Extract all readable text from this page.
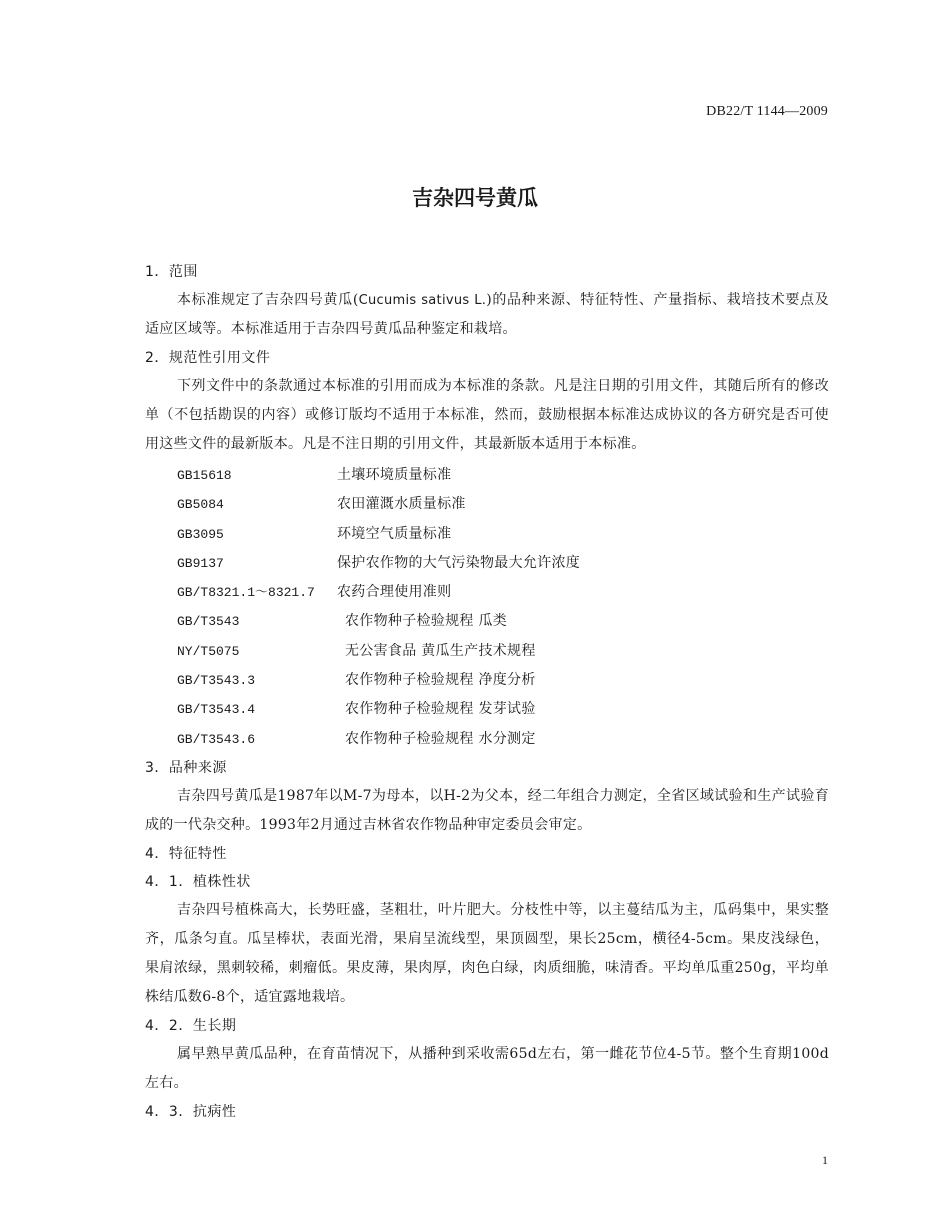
DB22/T 1144—2009
吉杂四号黄瓜
1．范围

本标准规定了吉杂四号黄瓜(Cucumis sativus L.)的品种来源、特征特性、产量指标、栽培技术要点及适应区域等。本标准适用于吉杂四号黄瓜品种鉴定和栽培。

2．规范性引用文件

下列文件中的条款通过本标准的引用而成为本标准的条款。凡是注日期的引用文件，其随后所有的修改单（不包括勘误的内容）或修订版均不适用于本标准，然而，鼓励根据本标准达成协议的各方研究是否可使用这些文件的最新版本。凡是不注日期的引用文件，其最新版本适用于本标准。

GB15618	土壤环境质量标准
GB5084	农田灌溉水质量标准
GB3095	环境空气质量标准
GB9137	保护农作物的大气污染物最大允许浓度
GB/T8321.1～8321.7	农药合理使用准则
GB/T3543	农作物种子检验规程 瓜类
NY/T5075	无公害食品 黄瓜生产技术规程
GB/T3543.3	农作物种子检验规程 净度分析
GB/T3543.4	农作物种子检验规程 发芽试验
GB/T3543.6	农作物种子检验规程 水分测定
3．品种来源

吉杂四号黄瓜是1987年以M-7为母本，以H-2为父本，经二年组合力测定，全省区域试验和生产试验育成的一代杂交种。1993年2月通过吉林省农作物品种审定委员会审定。

4．特征特性
4．1．植株性状

吉杂四号植株高大，长势旺盛，茎粗壮，叶片肥大。分枝性中等，以主蔓结瓜为主，瓜码集中，果实整齐，瓜条匀直。瓜呈棒状，表面光滑，果肩呈流线型，果顶圆型，果长25cm，横径4-5cm。果皮浅绿色，果肩浓绿，黑刺较稀，刺瘤低。果皮薄，果肉厚，肉色白绿，肉质细脆，味清香。平均单瓜重250g，平均单株结瓜数6-8个，适宜露地栽培。

4．2．生长期

属早熟早黄瓜品种，在育苗情况下，从播种到采收需65d左右，第一雌花节位4-5节。整个生育期100d左右。

4．3．抗病性
1
